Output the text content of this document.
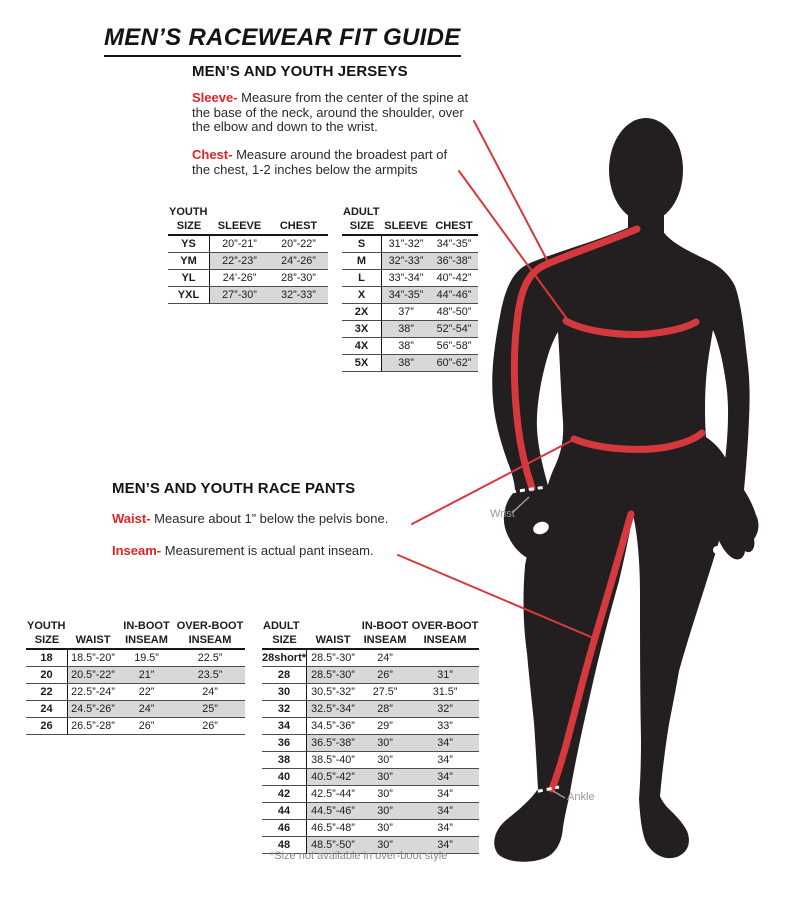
MEN’S RACEWEAR FIT GUIDE
MEN’S AND YOUTH JERSEYS

Sleeve- Measure from the center of the spine at the base of the neck, around the shoulder, over the elbow and down to the wrist.

Chest- Measure around the broadest part of the chest, 1-2 inches below the armpits

YOUTH
SIZE	SLEEVE	CHEST
YS	20”-21”	20”-22”
YM	22”-23”	24”-26”
YL	24’-26”	28”-30”
YXL	27”-30”	32”-33”
ADULT
SIZE SLEEVE CHEST
S	31”-32”	34”-35”
M	32”-33”	36”-38”
L	33”-34”	40”-42”
X	34”-35”	44”-46”
2X	37”	48”-50”
3X	38”	52”-54”
4X	38”	56”-58”
5X	38”	60”-62”
MEN’S AND YOUTH RACE PANTS

Waist- Measure about 1” below the pelvis bone.

Inseam- Measurement is actual pant inseam.

YOUTH	IN-BOOT OVER-BOOT
SIZE	WAIST	INSEAM	INSEAM
18	18.5”-20”	19.5”	22.5”
20	20.5”-22”	21”	23.5”
22	22.5”-24”	22”	24”
24	24.5”-26”	24”	25”
26	26.5”-28”	26”	26”
ADULT	IN-BOOT OVER-BOOT
SIZE	WAIST	INSEAM	INSEAM
28short* 28.5”-30”	24”
28	28.5”-30”	26”	31”
30	30.5”-32”	27.5”	31.5”
32	32.5”-34”	28”	32”
34	34.5”-36”	29”	33”
36	36.5”-38”	30”	34”
38	38.5”-40”	30”	34”
40	40.5”-42”	30”	34”
42	42.5”-44”	30”	34”
44	44.5”-46”	30”	34”
46	46.5”-48”	30”	34”
48	48.5”-50”	30”	34”
*Size not available in over-boot style
Wrist
Ankle
